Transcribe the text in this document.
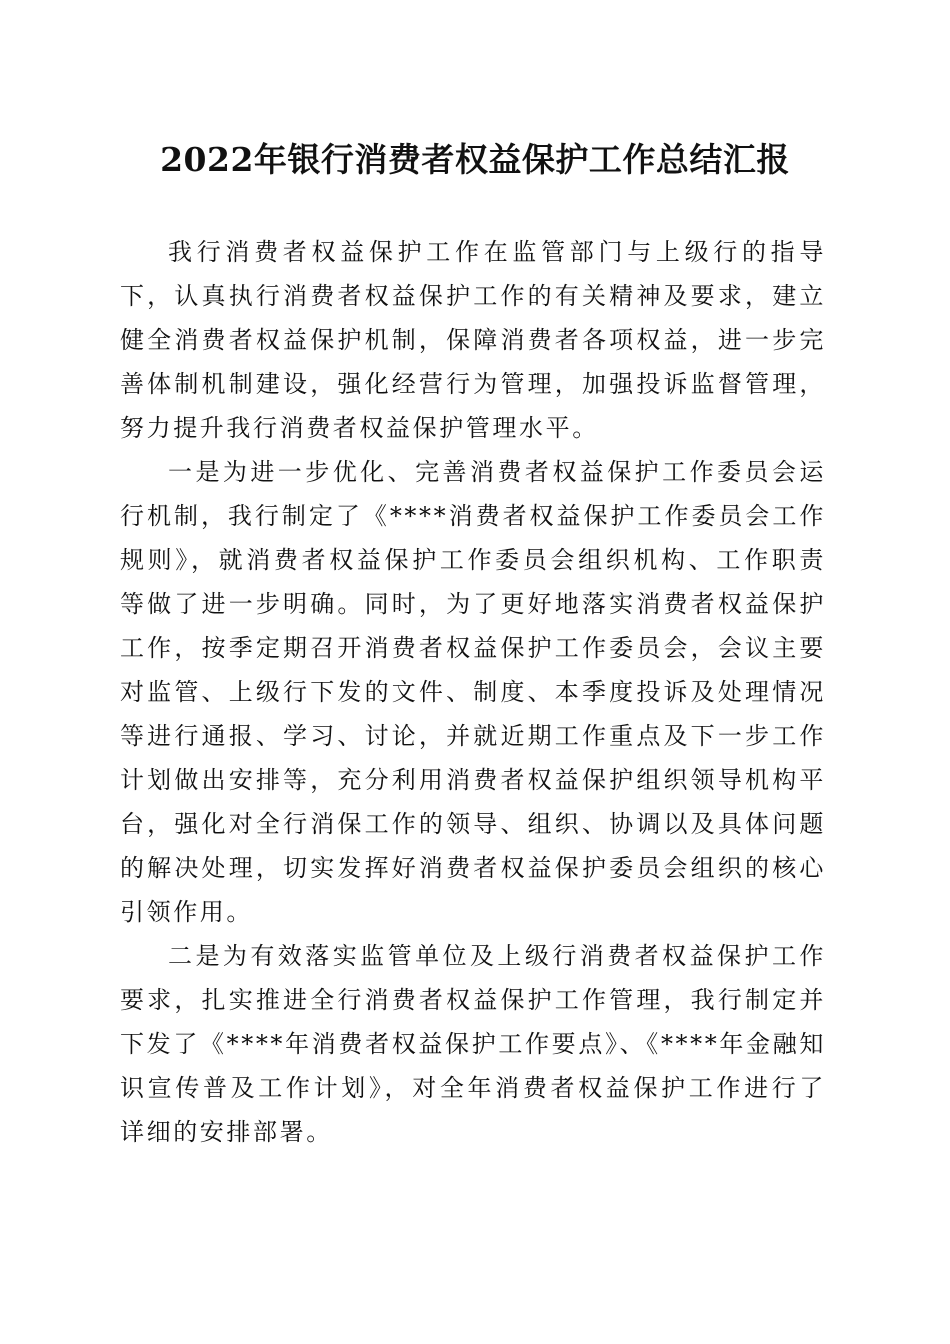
2022年银行消费者权益保护工作总结汇报

我行消费者权益保护工作在监管部门与上级行的指导下，认真执行消费者权益保护工作的有关精神及要求，建立健全消费者权益保护机制，保障消费者各项权益，进一步完善体制机制建设，强化经营行为管理，加强投诉监督管理，努力提升我行消费者权益保护管理水平。

一是为进一步优化、完善消费者权益保护工作委员会运行机制，我行制定了《****消费者权益保护工作委员会工作规则》，就消费者权益保护工作委员会组织机构、工作职责等做了进一步明确。同时，为了更好地落实消费者权益保护工作，按季定期召开消费者权益保护工作委员会，会议主要对监管、上级行下发的文件、制度、本季度投诉及处理情况等进行通报、学习、讨论，并就近期工作重点及下一步工作计划做出安排等，充分利用消费者权益保护组织领导机构平台，强化对全行消保工作的领导、组织、协调以及具体问题的解决处理，切实发挥好消费者权益保护委员会组织的核心引领作用。

二是为有效落实监管单位及上级行消费者权益保护工作要求，扎实推进全行消费者权益保护工作管理，我行制定并下发了《****年消费者权益保护工作要点》、《****年金融知识宣传普及工作计划》，对全年消费者权益保护工作进行了详细的安排部署。
